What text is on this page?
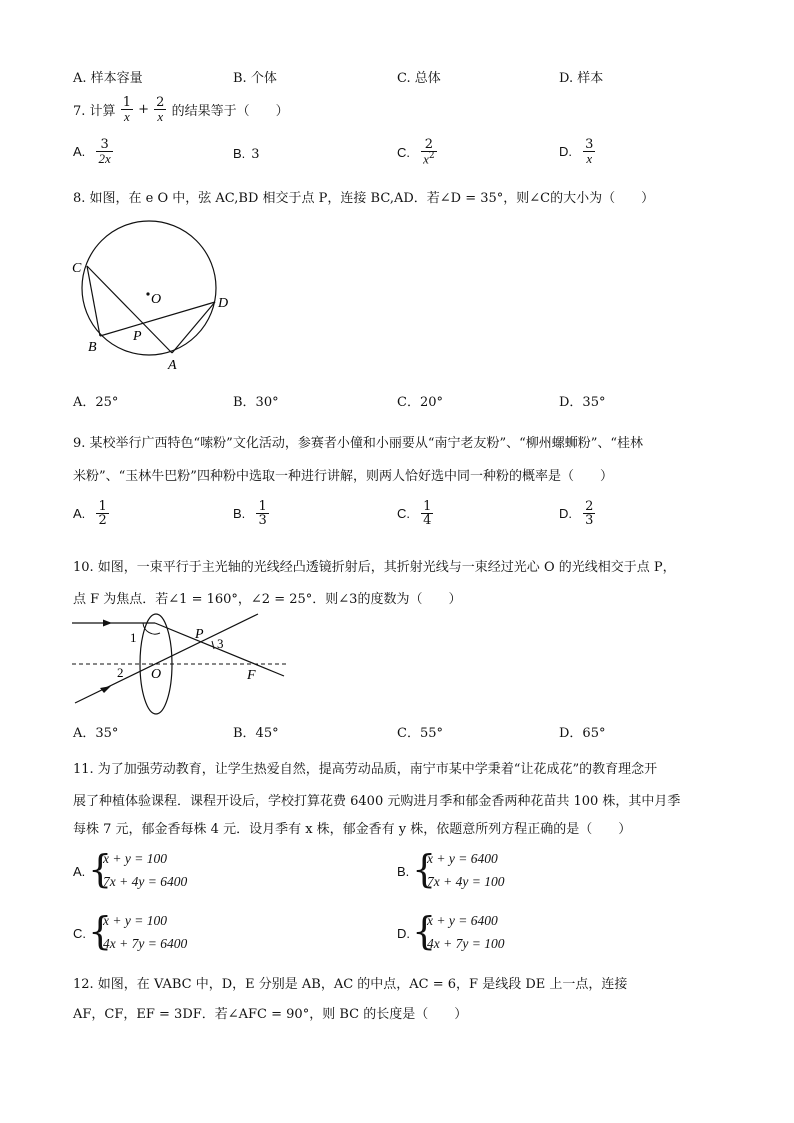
A. 样本容量	B. 个体	C. 总体	D. 样本
7. 计算 $\frac{1}{x} + \frac{2}{x}$ 的结果等于（　　）
A. $\frac{3}{2x}$	B. 3	C. $\frac{2}{x^2}$	D. $\frac{3}{x}$
8. 如图，在 e O 中，弦 AC,BD 相交于点 P，连接 BC,AD．若∠D = 35°，则∠C的大小为（　　）
C
O	D
B
P
A
A．25°	B．30°	C．20°	D．35°
9. 某校举行广西特色“嗦粉”文化活动，参赛者小僮和小丽要从“南宁老友粉”、“柳州螺蛳粉”、“桂林
米粉”、“玉林牛巴粉”四种粉中选取一种进行讲解，则两人恰好选中同一种粉的概率是（　　）
A. $\frac{1}{2}$	B. $\frac{1}{3}$	C. $\frac{1}{4}$	D. $\frac{2}{3}$
10. 如图，一束平行于主光轴的光线经凸透镜折射后，其折射光线与一束经过光心 O 的光线相交于点 P，
点 F 为焦点．若∠1 = 160°，∠2 = 25°．则∠3的度数为（　　）
1	P
3
2 O	F
A．35°	B．45°	C．55°	D．65°
11. 为了加强劳动教育，让学生热爱自然，提高劳动品质，南宁市某中学秉着“让花成花”的教育理念开
展了种植体验课程．课程开设后，学校打算花费 6400 元购进月季和郁金香两种花苗共 100 株，其中月季
每株 7 元，郁金香每株 4 元．设月季有 x 株，郁金香有 y 株，依题意所列方程正确的是（　　）
A. {
x + y = 100
7x + 4y = 6400
B. {
x + y = 6400
7x + 4y = 100
C. {
x + y = 100
4x + 7y = 6400
D. {
x + y = 6400
4x + 7y = 100
12. 如图，在 VABC 中，D，E 分别是 AB，AC 的中点，AC = 6，F 是线段 DE 上一点，连接
AF，CF，EF = 3DF．若∠AFC = 90°，则 BC 的长度是（　　）
